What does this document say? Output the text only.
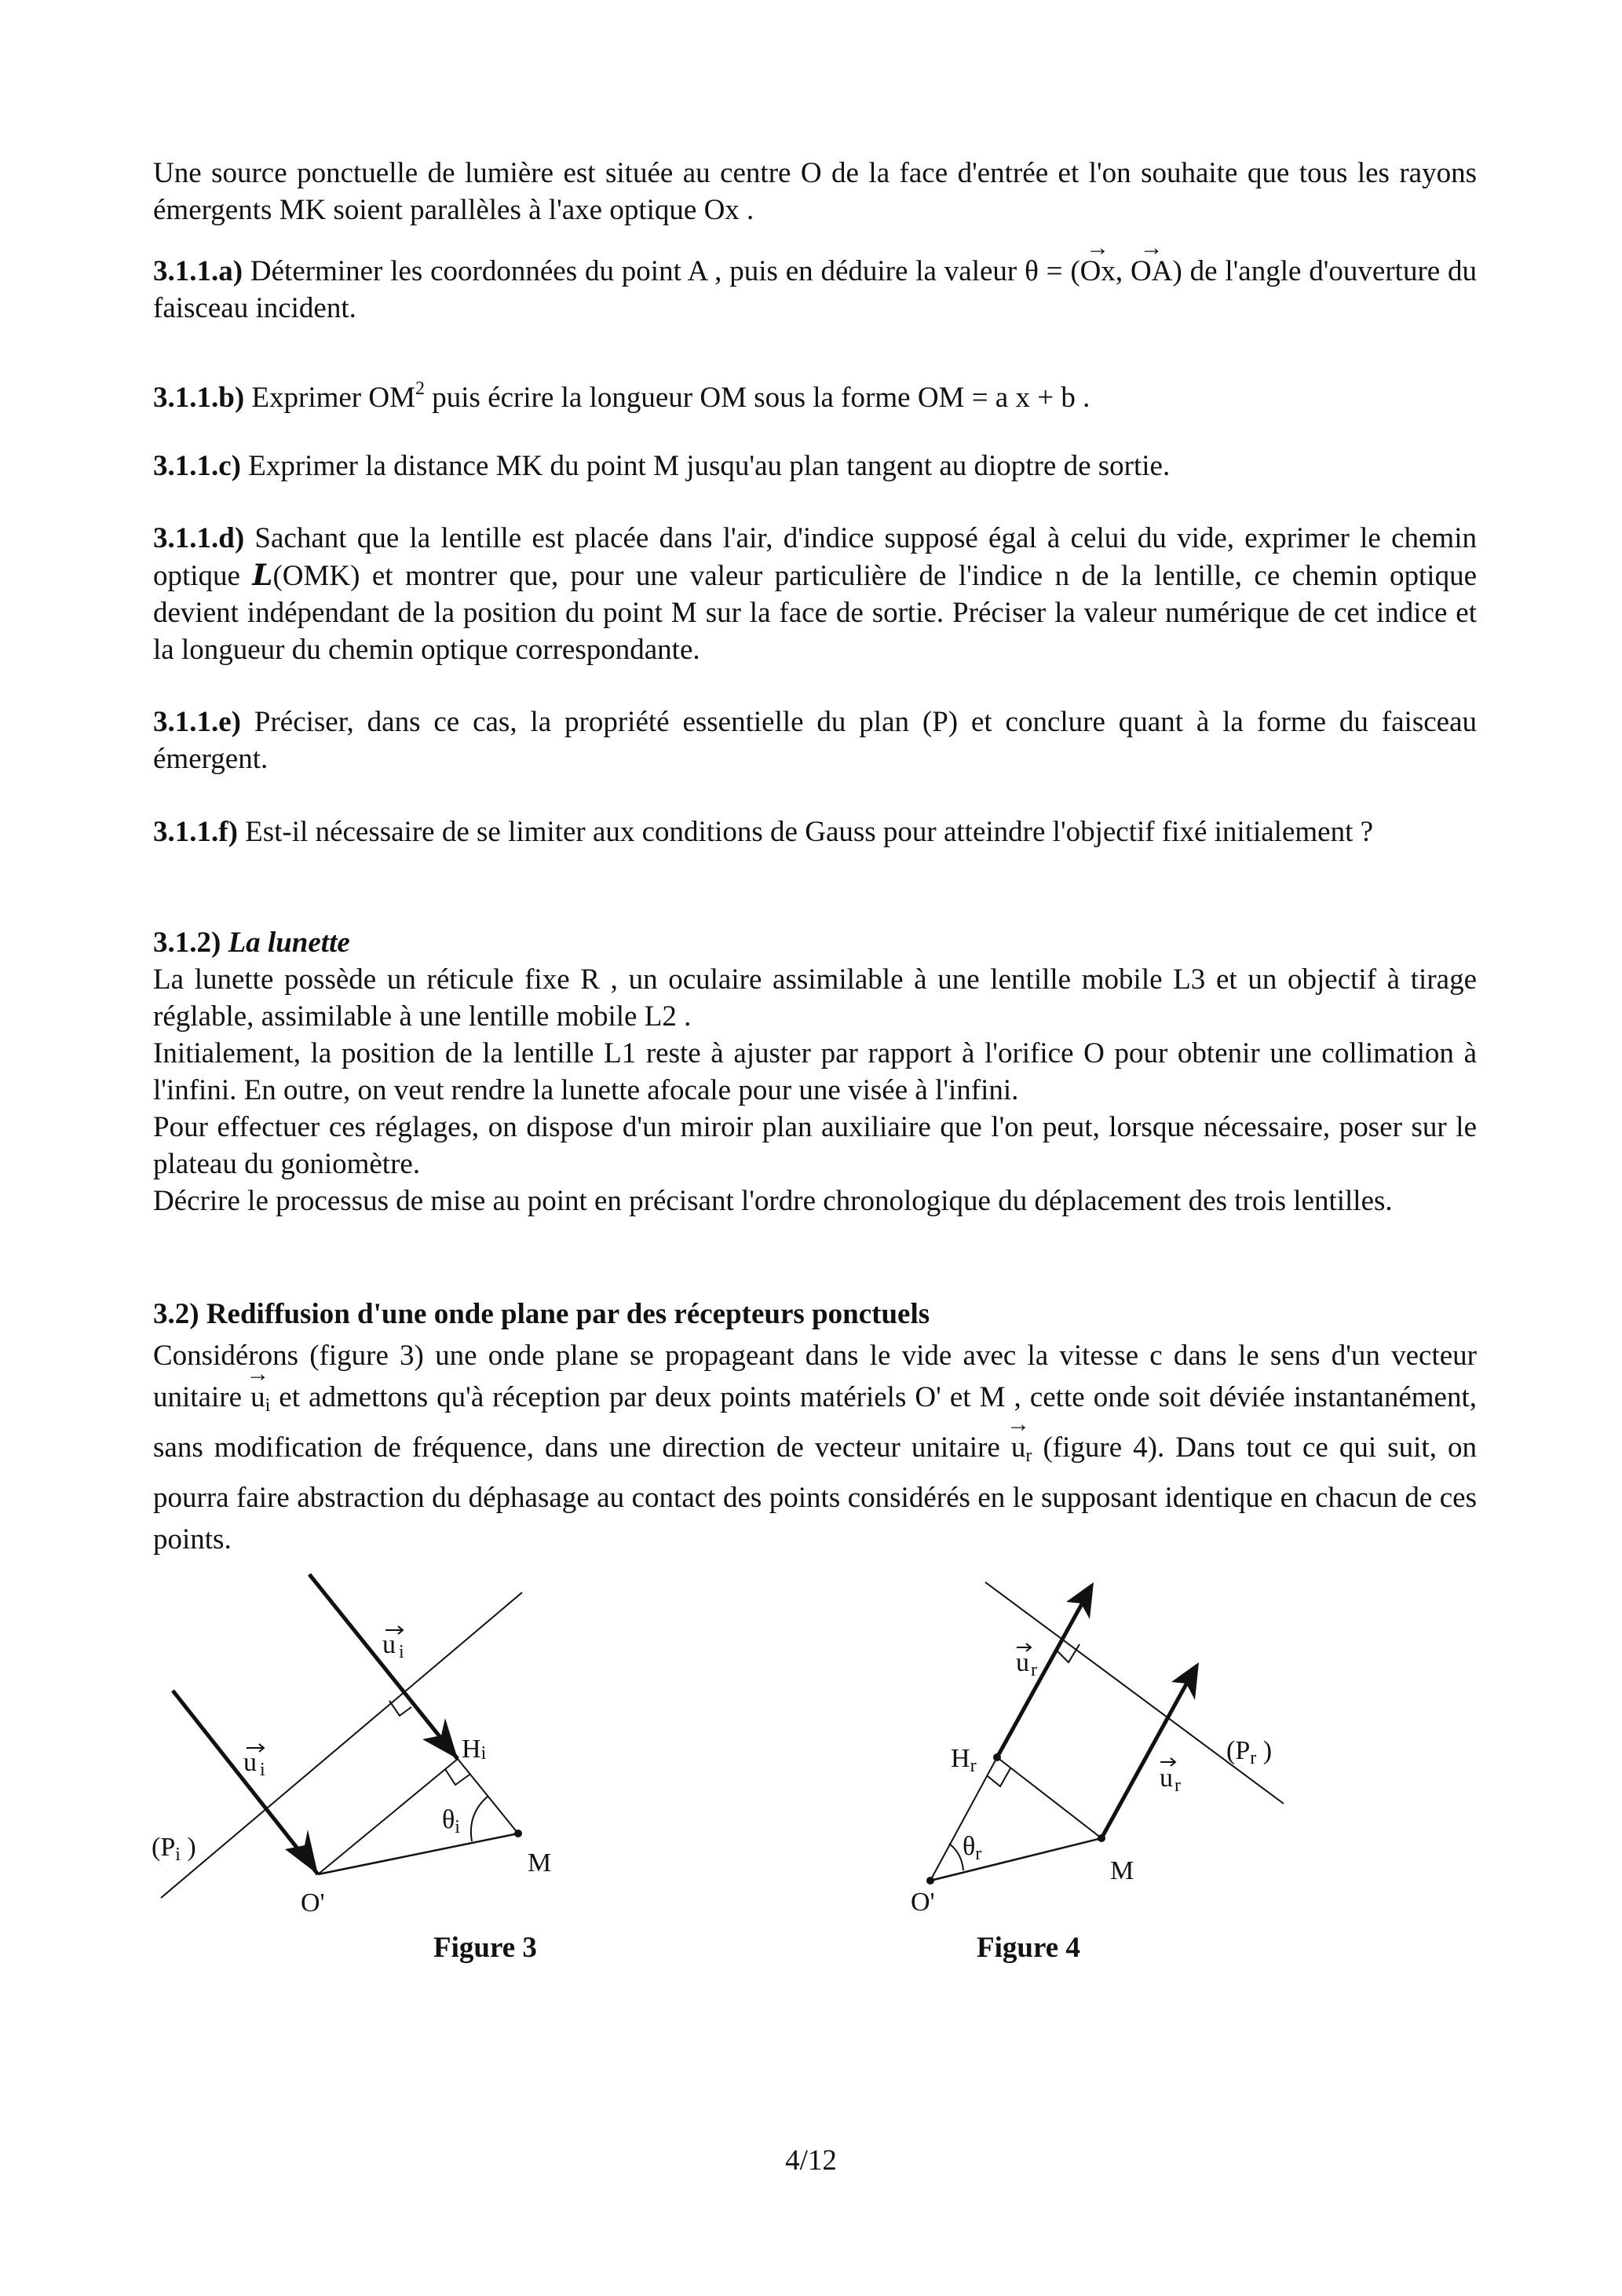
Une source ponctuelle de lumière est située au centre O de la face d'entrée et l'on souhaite que tous les rayons émergents MK soient parallèles à l'axe optique Ox .
3.1.1.a) Déterminer les coordonnées du point A , puis en déduire la valeur θ = (→ Ox, → OA) de l'angle d'ouverture du faisceau incident.
3.1.1.b) Exprimer $OM^2$ puis écrire la longueur OM sous la forme OM = a x + b .
3.1.1.c) Exprimer la distance MK du point M jusqu'au plan tangent au dioptre de sortie.
3.1.1.d) Sachant que la lentille est placée dans l'air, d'indice supposé égal à celui du vide, exprimer le chemin optique L(OMK) et montrer que, pour une valeur particulière de l'indice n de la lentille, ce chemin optique devient indépendant de la position du point M sur la face de sortie. Préciser la valeur numérique de cet indice et la longueur du chemin optique correspondante.
3.1.1.e) Préciser, dans ce cas, la propriété essentielle du plan (P) et conclure quant à la forme du faisceau émergent.
3.1.1.f) Est-il nécessaire de se limiter aux conditions de Gauss pour atteindre l'objectif fixé initialement ?
3.1.2) La lunette
La lunette possède un réticule fixe R , un oculaire assimilable à une lentille mobile L3 et un objectif à tirage réglable, assimilable à une lentille mobile L2 .
Initialement, la position de la lentille L1 reste à ajuster par rapport à l'orifice O pour obtenir une collimation à l'infini. En outre, on veut rendre la lunette afocale pour une visée à l'infini.
Pour effectuer ces réglages, on dispose d'un miroir plan auxiliaire que l'on peut, lorsque nécessaire, poser sur le plateau du goniomètre.
Décrire le processus de mise au point en précisant l'ordre chronologique du déplacement des trois lentilles.
3.2) Rediffusion d'une onde plane par des récepteurs ponctuels
Considérons (figure 3) une onde plane se propageant dans le vide avec la vitesse c dans le sens d'un vecteur unitaire → $u_i$ et admettons qu'à réception par deux points matériels O' et M , cette onde soit déviée instantanément, sans modification de fréquence, dans une direction de vecteur unitaire → $u_r$ (figure 4). Dans tout ce qui suit, on pourra faire abstraction du déphasage au contact des points considérés en le supposant identique en chacun de ces points.
(Pi )
u i
u i
Hi
θi
M
O'
Figure 3
Hr
ur
ur
(Pr )
θr
M
O'
Figure 4
4/12
